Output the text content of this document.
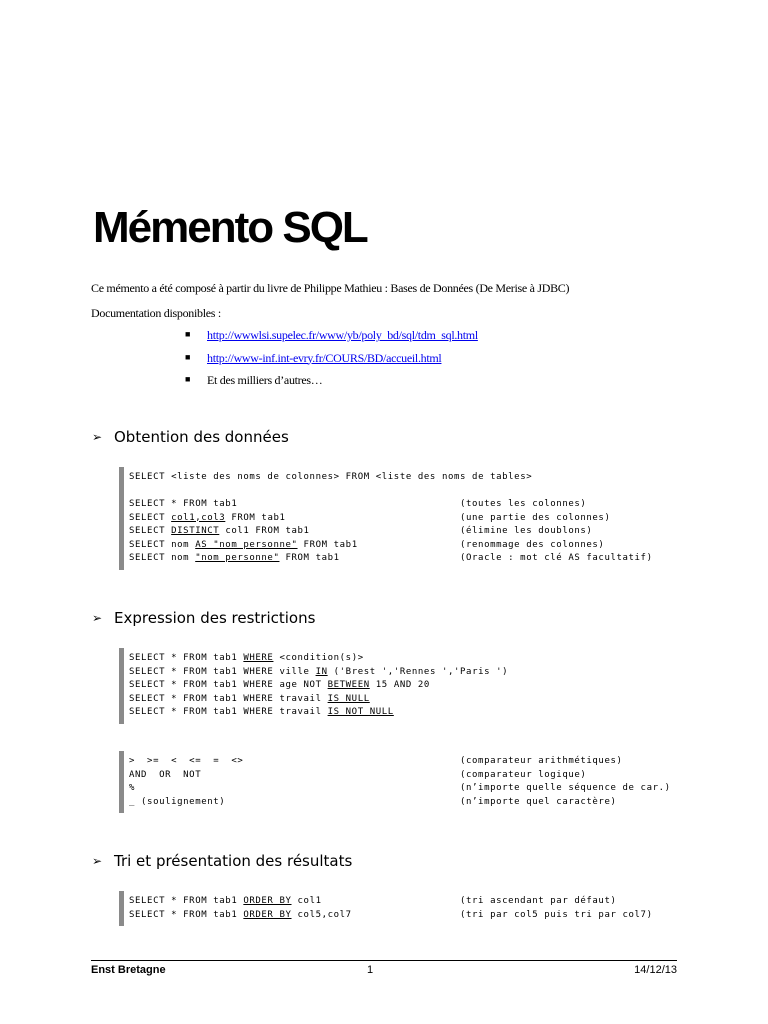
Mémento SQL
Ce mémento a été composé à partir du livre de Philippe Mathieu : Bases de Données (De Merise à JDBC)
Documentation disponibles :
■	http://wwwlsi.supelec.fr/www/yb/poly_bd/sql/tdm_sql.html
■	http://www-inf.int-evry.fr/COURS/BD/accueil.html
■	Et des milliers d’autres…
➢ Obtention des données
SELECT <liste des noms de colonnes> FROM <liste des noms de tables>
SELECT * FROM tab1	(toutes les colonnes)
SELECT col1,col3 FROM tab1	(une partie des colonnes)
SELECT DISTINCT col1 FROM tab1	(élimine les doublons)
SELECT nom AS "nom personne" FROM tab1	(renommage des colonnes)
SELECT nom "nom personne" FROM tab1	(Oracle : mot clé AS facultatif)
➢ Expression des restrictions
SELECT * FROM tab1 WHERE <condition(s)>
SELECT * FROM tab1 WHERE ville IN ('Brest ','Rennes ','Paris ')
SELECT * FROM tab1 WHERE age NOT BETWEEN 15 AND 20
SELECT * FROM tab1 WHERE travail IS NULL
SELECT * FROM tab1 WHERE travail IS NOT NULL
>  >=  <  <=  =  <>	(comparateur arithmétiques)
AND  OR  NOT	(comparateur logique)
%	(n’importe quelle séquence de car.)
_ (soulignement)	(n’importe quel caractère)
➢ Tri et présentation des résultats
SELECT * FROM tab1 ORDER BY col1	(tri ascendant par défaut)
SELECT * FROM tab1 ORDER BY col5,col7	(tri par col5 puis tri par col7)
Enst Bretagne	1	14/12/13
